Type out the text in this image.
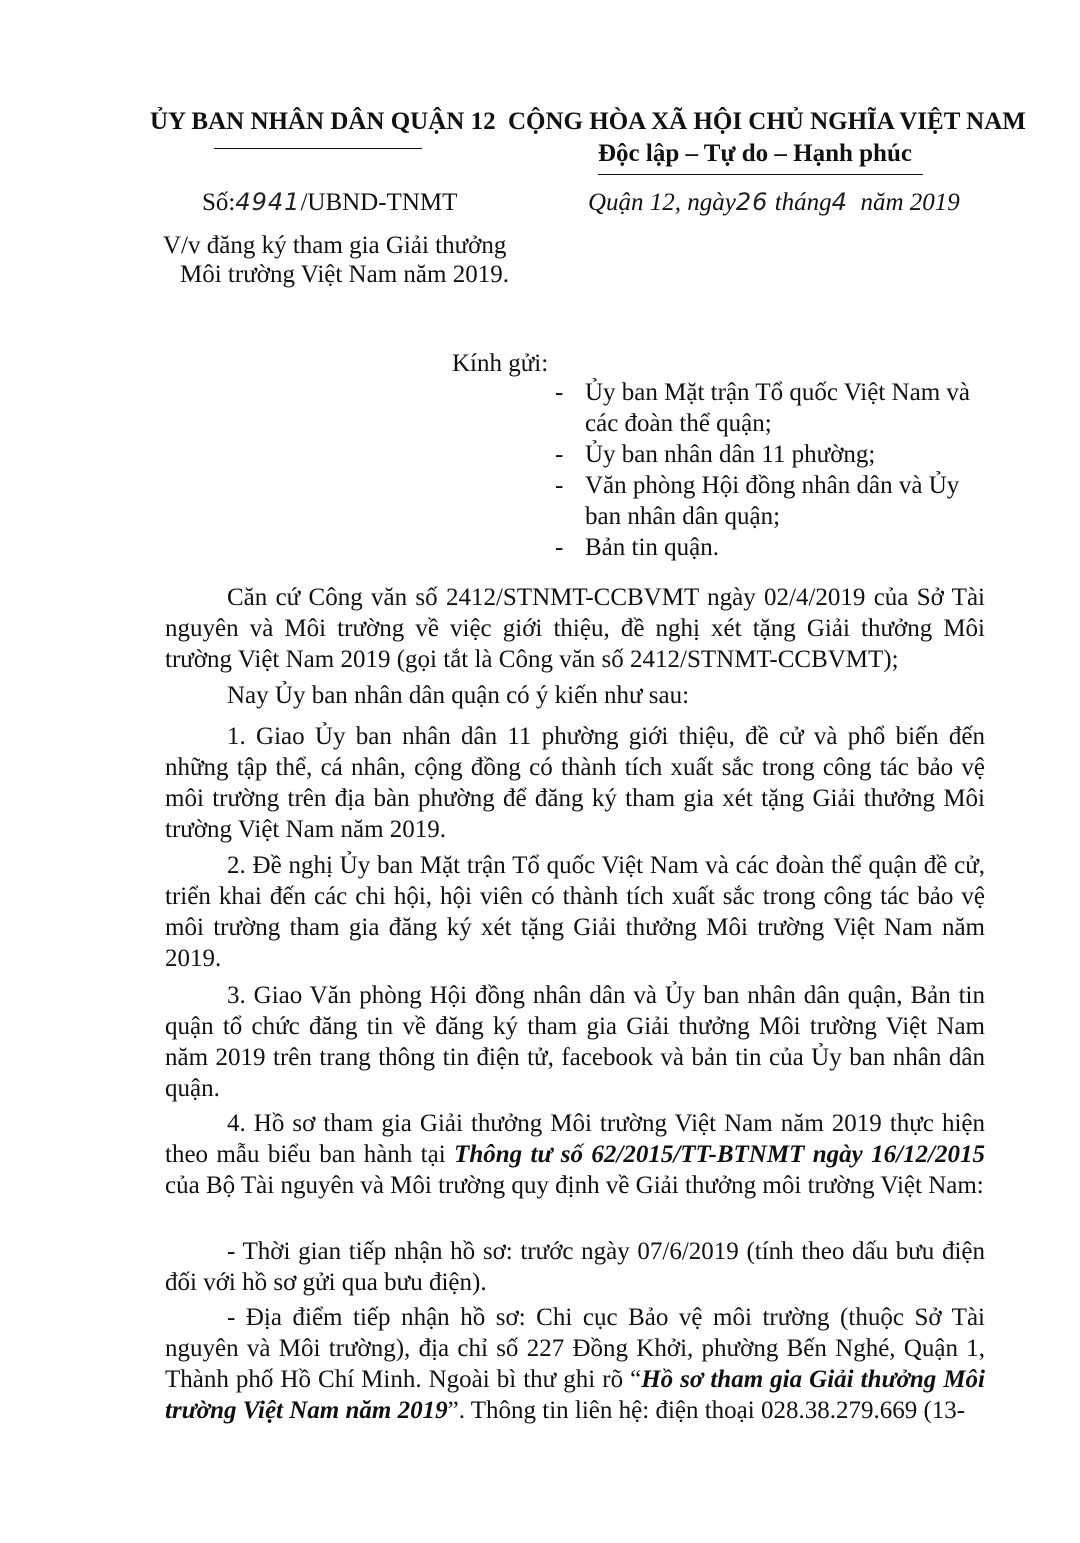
ỦY BAN NHÂN DÂN QUẬN 12 CỘNG HÒA XÃ HỘI CHỦ NGHĨA VIỆT NAM
Độc lập – Tự do – Hạnh phúc
Số:4941/UBND-TNMT	Quận 12, ngày26 tháng4 năm 2019
V/v đăng ký tham gia Giải thưởng
Môi trường Việt Nam năm 2019.
Kính gửi:
- Ủy ban Mặt trận Tổ quốc Việt Nam và các đoàn thể quận;
- Ủy ban nhân dân 11 phường;
- Văn phòng Hội đồng nhân dân và Ủy ban nhân dân quận;
- Bản tin quận.

Căn cứ Công văn số 2412/STNMT-CCBVMT ngày 02/4/2019 của Sở Tài nguyên và Môi trường về việc giới thiệu, đề nghị xét tặng Giải thưởng Môi trường Việt Nam 2019 (gọi tắt là Công văn số 2412/STNMT-CCBVMT);

Nay Ủy ban nhân dân quận có ý kiến như sau:

1. Giao Ủy ban nhân dân 11 phường giới thiệu, đề cử và phổ biến đến những tập thể, cá nhân, cộng đồng có thành tích xuất sắc trong công tác bảo vệ môi trường trên địa bàn phường để đăng ký tham gia xét tặng Giải thưởng Môi trường Việt Nam năm 2019.

2. Đề nghị Ủy ban Mặt trận Tổ quốc Việt Nam và các đoàn thể quận đề cử, triển khai đến các chi hội, hội viên có thành tích xuất sắc trong công tác bảo vệ môi trường tham gia đăng ký xét tặng Giải thưởng Môi trường Việt Nam năm 2019.

3. Giao Văn phòng Hội đồng nhân dân và Ủy ban nhân dân quận, Bản tin quận tổ chức đăng tin về đăng ký tham gia Giải thưởng Môi trường Việt Nam năm 2019 trên trang thông tin điện tử, facebook và bản tin của Ủy ban nhân dân quận.

4. Hồ sơ tham gia Giải thưởng Môi trường Việt Nam năm 2019 thực hiện theo mẫu biểu ban hành tại Thông tư số 62/2015/TT-BTNMT ngày 16/12/2015 của Bộ Tài nguyên và Môi trường quy định về Giải thưởng môi trường Việt Nam:

- Thời gian tiếp nhận hồ sơ: trước ngày 07/6/2019 (tính theo dấu bưu điện đối với hồ sơ gửi qua bưu điện).

- Địa điểm tiếp nhận hồ sơ: Chi cục Bảo vệ môi trường (thuộc Sở Tài nguyên và Môi trường), địa chỉ số 227 Đồng Khởi, phường Bến Nghé, Quận 1, Thành phố Hồ Chí Minh. Ngoài bì thư ghi rõ “Hồ sơ tham gia Giải thưởng Môi trường Việt Nam năm 2019”. Thông tin liên hệ: điện thoại 028.38.279.669 (13-
